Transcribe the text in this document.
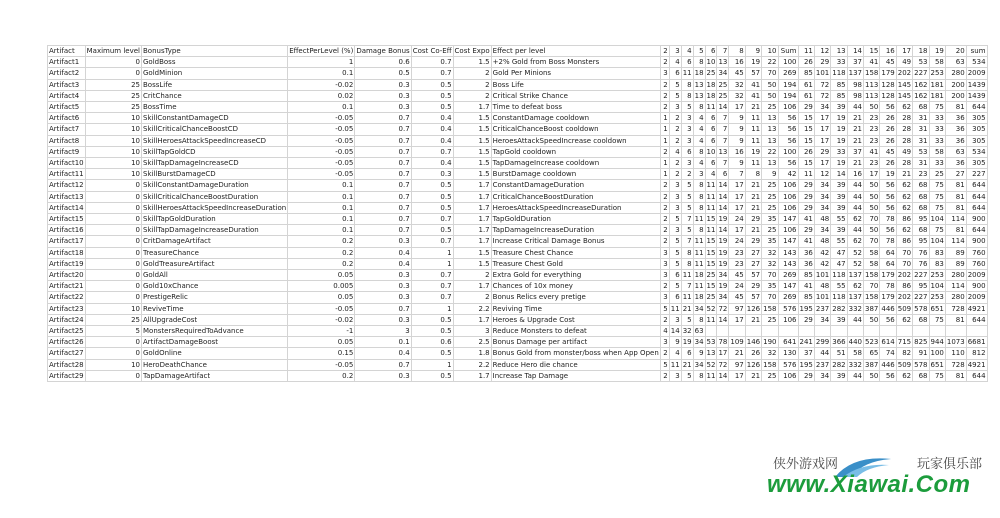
Artifact	Maximum level	BonusType	EffectPerLevel (%)	Damage Bonus	Cost Co-Eff	Cost Expo	Effect per level	2	3	4	5	6	7	8	9	10	Sum	11	12	13	14	15	16	17	18	19	20	sum
Artifact1	0	GoldBoss	1	0.6	0.7	1.5	+2% Gold from Boss Monsters	2	4	6	8	10	13	16	19	22	100	26	29	33	37	41	45	49	53	58	63	534
Artifact2	0	GoldMinion	0.1	0.5	0.7	2	Gold Per Minions	3	6	11	18	25	34	45	57	70	269	85	101	118	137	158	179	202	227	253	280	2009
Artifact3	25	BossLife	-0.02	0.3	0.5	2	Boss Life	2	5	8	13	18	25	32	41	50	194	61	72	85	98	113	128	145	162	181	200	1439
Artifact4	25	CritChance	0.02	0.3	0.5	2	Critical Strike Chance	2	5	8	13	18	25	32	41	50	194	61	72	85	98	113	128	145	162	181	200	1439
Artifact5	25	BossTime	0.1	0.3	0.5	1.7	Time to defeat boss	2	3	5	8	11	14	17	21	25	106	29	34	39	44	50	56	62	68	75	81	644
Artifact6	10	SkillConstantDamageCD	-0.05	0.7	0.4	1.5	ConstantDamage cooldown	1	2	3	4	6	7	9	11	13	56	15	17	19	21	23	26	28	31	33	36	305
Artifact7	10	SkillCriticalChanceBoostCD	-0.05	0.7	0.4	1.5	CriticalChanceBoost cooldown	1	2	3	4	6	7	9	11	13	56	15	17	19	21	23	26	28	31	33	36	305
Artifact8	10	SkillHeroesAttackSpeedIncreaseCD	-0.05	0.7	0.4	1.5	HeroesAttackSpeedIncrease cooldown	1	2	3	4	6	7	9	11	13	56	15	17	19	21	23	26	28	31	33	36	305
Artifact9	10	SkillTapGoldCD	-0.05	0.7	0.7	1.5	TapGold cooldown	2	4	6	8	10	13	16	19	22	100	26	29	33	37	41	45	49	53	58	63	534
Artifact10	10	SkillTapDamageIncreaseCD	-0.05	0.7	0.4	1.5	TapDamageIncrease cooldown	1	2	3	4	6	7	9	11	13	56	15	17	19	21	23	26	28	31	33	36	305
Artifact11	10	SkillBurstDamageCD	-0.05	0.7	0.3	1.5	BurstDamage cooldown	1	2	2	3	4	6	7	8	9	42	11	12	14	16	17	19	21	23	25	27	227
Artifact12	0	SkillConstantDamageDuration	0.1	0.7	0.5	1.7	ConstantDamageDuration	2	3	5	8	11	14	17	21	25	106	29	34	39	44	50	56	62	68	75	81	644
Artifact13	0	SkillCriticalChanceBoostDuration	0.1	0.7	0.5	1.7	CriticalChanceBoostDuration	2	3	5	8	11	14	17	21	25	106	29	34	39	44	50	56	62	68	75	81	644
Artifact14	0	SkillHeroesAttackSpeedIncreaseDuration	0.1	0.7	0.5	1.7	HeroesAttackSpeedIncreaseDuration	2	3	5	8	11	14	17	21	25	106	29	34	39	44	50	56	62	68	75	81	644
Artifact15	0	SkillTapGoldDuration	0.1	0.7	0.7	1.7	TapGoldDuration	2	5	7	11	15	19	24	29	35	147	41	48	55	62	70	78	86	95	104	114	900
Artifact16	0	SkillTapDamageIncreaseDuration	0.1	0.7	0.5	1.7	TapDamageIncreaseDuration	2	3	5	8	11	14	17	21	25	106	29	34	39	44	50	56	62	68	75	81	644
Artifact17	0	CritDamageArtifact	0.2	0.3	0.7	1.7	Increase Critical Damage Bonus	2	5	7	11	15	19	24	29	35	147	41	48	55	62	70	78	86	95	104	114	900
Artifact18	0	TreasureChance	0.2	0.4	1	1.5	Treasure Chest Chance	3	5	8	11	15	19	23	27	32	143	36	42	47	52	58	64	70	76	83	89	760
Artifact19	0	GoldTreasureArtifact	0.2	0.4	1	1.5	Treasure Chest Gold	3	5	8	11	15	19	23	27	32	143	36	42	47	52	58	64	70	76	83	89	760
Artifact20	0	GoldAll	0.05	0.3	0.7	2	Extra Gold for everything	3	6	11	18	25	34	45	57	70	269	85	101	118	137	158	179	202	227	253	280	2009
Artifact21	0	Gold10xChance	0.005	0.3	0.7	1.7	Chances of 10x money	2	5	7	11	15	19	24	29	35	147	41	48	55	62	70	78	86	95	104	114	900
Artifact22	0	PrestigeRelic	0.05	0.3	0.7	2	Bonus Relics every pretige	3	6	11	18	25	34	45	57	70	269	85	101	118	137	158	179	202	227	253	280	2009
Artifact23	10	ReviveTime	-0.05	0.7	1	2.2	Reviving Time	5	11	21	34	52	72	97	126	158	576	195	237	282	332	387	446	509	578	651	728	4921
Artifact24	25	AllUpgradeCost	-0.02	0.3	0.5	1.7	Heroes & Upgrade Cost	2	3	5	8	11	14	17	21	25	106	29	34	39	44	50	56	62	68	75	81	644
Artifact25	5	MonstersRequiredToAdvance	-1	3	0.5	3	Reduce Monsters to defeat	4	14	32	63																	
Artifact26	0	ArtifactDamageBoost	0.05	0.1	0.6	2.5	Bonus Damage per artifact	3	9	19	34	53	78	109	146	190	641	241	299	366	440	523	614	715	825	944	1073	6681
Artifact27	0	GoldOnline	0.15	0.4	0.5	1.8	Bonus Gold from monster/boss when App Open	2	4	6	9	13	17	21	26	32	130	37	44	51	58	65	74	82	91	100	110	812
Artifact28	10	HeroDeathChance	-0.05	0.7	1	2.2	Reduce Hero die chance	5	11	21	34	52	72	97	126	158	576	195	237	282	332	387	446	509	578	651	728	4921
Artifact29	0	TapDamageArtifact	0.2	0.3	0.5	1.7	Increase Tap Damage	2	3	5	8	11	14	17	21	25	106	29	34	39	44	50	56	62	68	75	81	644
侠外游戏网	玩家俱乐部
www.Xiawai.Com
